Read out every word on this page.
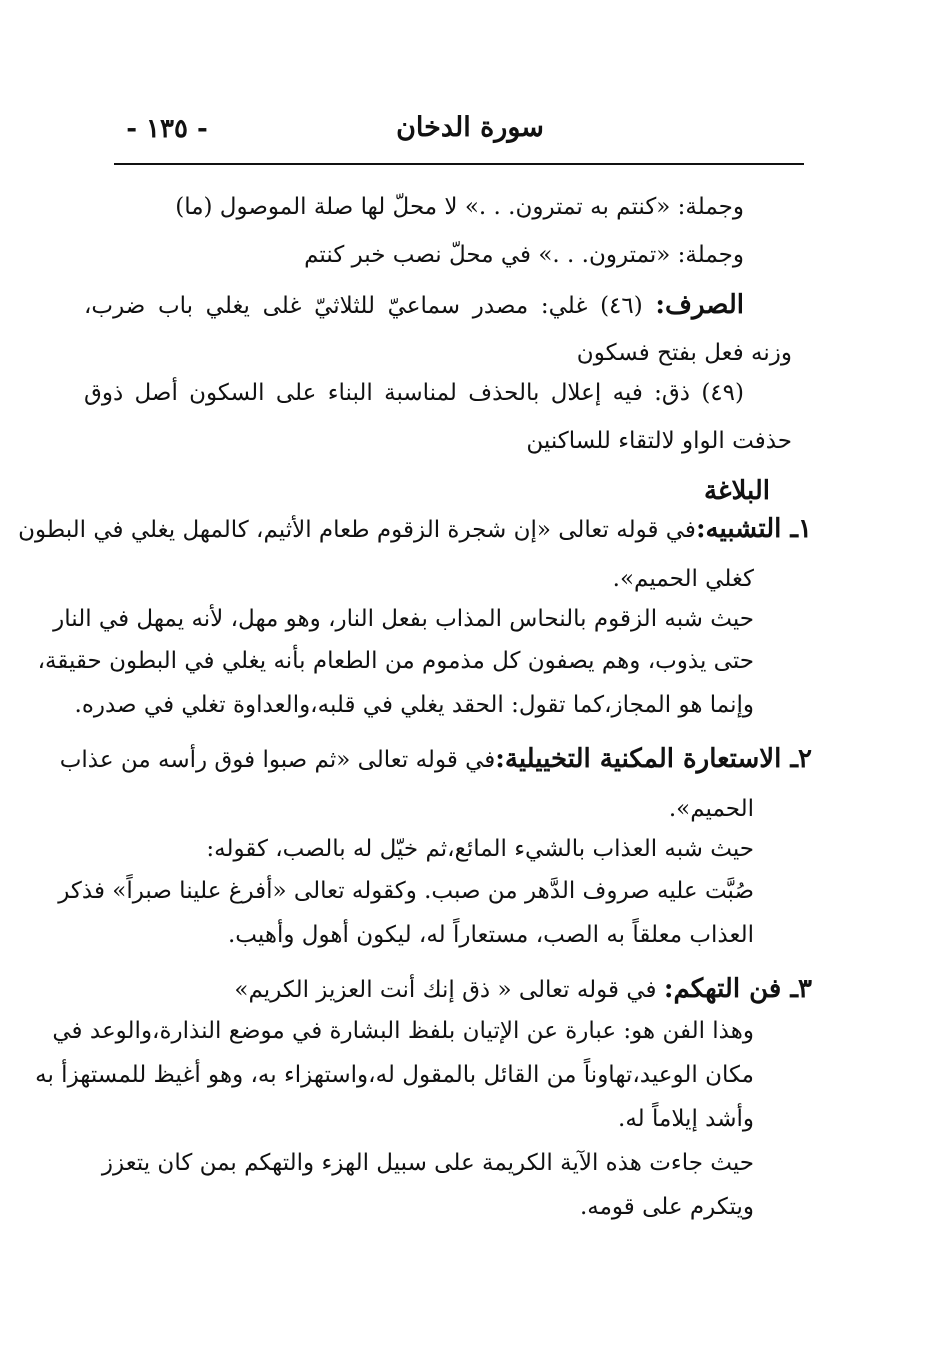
سورة الدخان
- ١٣٥ -
وجملة: «كنتم به تمترون. . .» لا محلّ لها صلة الموصول (ما)
وجملة: «تمترون. . .» في محلّ نصب خبر كنتم
الصرف: (٤٦) غلي: مصدر سماعيّ للثلاثيّ غلى يغلي باب ضرب،
وزنه فعل بفتح فسكون
(٤٩) ذق: فيه إعلال بالحذف لمناسبة البناء على السكون أصل ذوق
حذفت الواو لالتقاء للساكنين
البلاغة
١ـ التشبيه:في قوله تعالى «إن شجرة الزقوم طعام الأثيم، كالمهل يغلي في البطون
كغلي الحميم».
حيث شبه الزقوم بالنحاس المذاب بفعل النار، وهو مهل، لأنه يمهل في النار
حتى يذوب، وهم يصفون كل مذموم من الطعام بأنه يغلي في البطون حقيقة،
وإنما هو المجاز،كما تقول: الحقد يغلي في قلبه،والعداوة تغلي في صدره.
٢ـ الاستعارة المكنية التخييلية:في قوله تعالى «ثم صبوا فوق رأسه من عذاب
الحميم».
حيث شبه العذاب بالشيء المائع،ثم خيّل له بالصب، كقوله:
صُبَّت عليه صروف الدَّهر من صبب. وكقوله تعالى «أفرغ علينا صبراً» فذكر
العذاب معلقاً به الصب، مستعاراً له، ليكون أهول وأهيب.
٣ـ فن التهكم: في قوله تعالى « ذق إنك أنت العزيز الكريم»
وهذا الفن هو: عبارة عن الإتيان بلفظ البشارة في موضع النذارة،والوعد في
مكان الوعيد،تهاوناً من القائل بالمقول له،واستهزاء به، وهو أغيظ للمستهزأ به
وأشد إيلاماً له.
حيث جاءت هذه الآية الكريمة على سبيل الهزء والتهكم بمن كان يتعزز
ويتكرم على قومه.
